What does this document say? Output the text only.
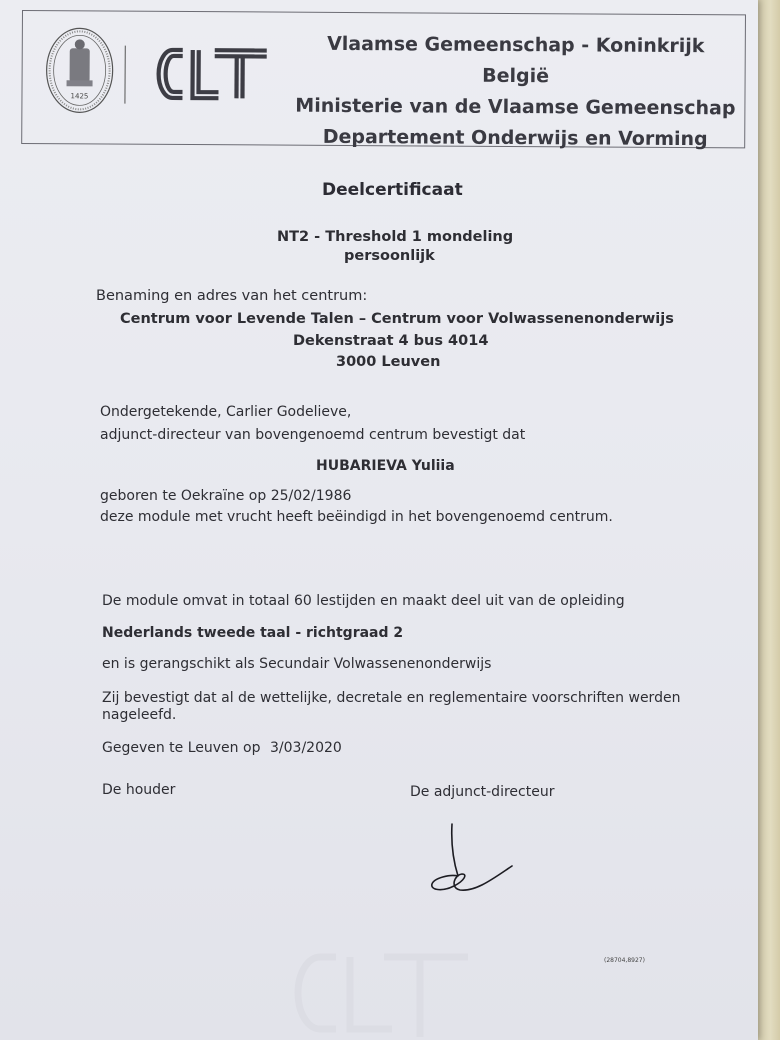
1425
Vlaamse Gemeenschap - Koninkrijk België
Ministerie van de Vlaamse Gemeenschap
Departement Onderwijs en Vorming
Deelcertificaat
NT2 - Threshold 1 mondeling
persoonlijk
Benaming en adres van het centrum:
Centrum voor Levende Talen – Centrum voor Volwassenenonderwijs
Dekenstraat 4 bus 4014
3000 Leuven
Ondergetekende, Carlier Godelieve,
adjunct-directeur van bovengenoemd centrum bevestigt dat
HUBARIEVA Yuliia
geboren te Oekraïne op 25/02/1986
deze module met vrucht heeft beëindigd in het bovengenoemd centrum.
De module omvat in totaal 60 lestijden en maakt deel uit van de opleiding
Nederlands tweede taal - richtgraad 2
en is gerangschikt als Secundair Volwassenenonderwijs
Zij bevestigt dat al de wettelijke, decretale en reglementaire voorschriften werden
nageleefd.
Gegeven te Leuven op 3/03/2020
De houder	De adjunct-directeur
(28704,8927)
